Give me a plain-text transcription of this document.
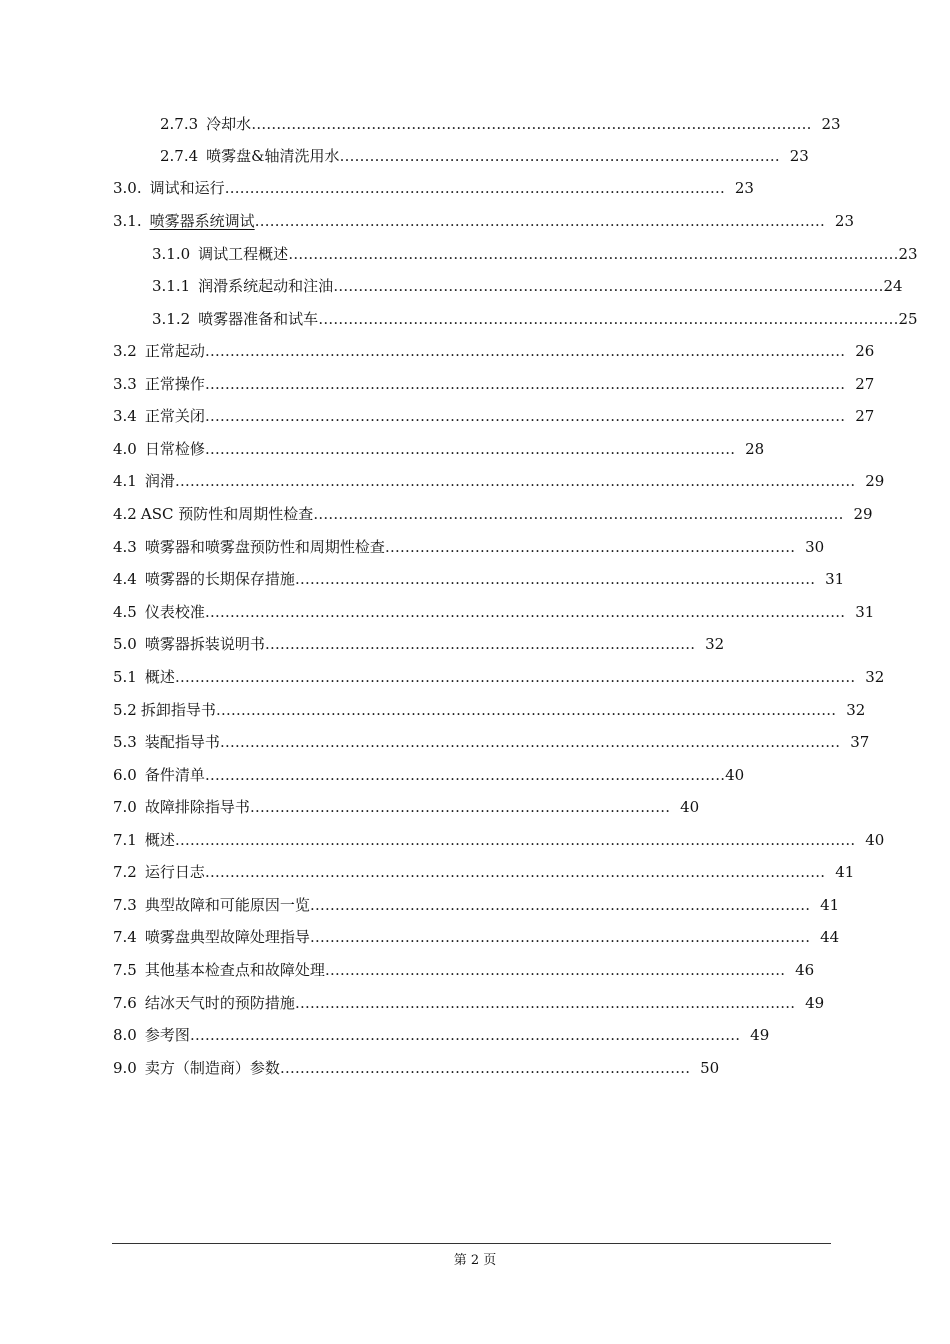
2.7.3 冷却水 ‥‥‥‥‥‥‥‥‥‥‥‥‥‥‥‥‥‥‥‥‥‥‥‥‥‥‥‥‥‥‥‥‥‥‥‥‥‥‥‥‥‥‥‥‥‥‥‥‥‥‥‥‥‥‥‥ 23
2.7.4 喷雾盘&轴清洗用水 ‥‥‥‥‥‥‥‥‥‥‥‥‥‥‥‥‥‥‥‥‥‥‥‥‥‥‥‥‥‥‥‥‥‥‥‥‥‥‥‥‥‥‥‥ 23
3.0. 调试和运行 ‥‥‥‥‥‥‥‥‥‥‥‥‥‥‥‥‥‥‥‥‥‥‥‥‥‥‥‥‥‥‥‥‥‥‥‥‥‥‥‥‥‥‥‥‥‥‥‥‥‥ 23
3.1. 喷雾器系统调试 ‥‥‥‥‥‥‥‥‥‥‥‥‥‥‥‥‥‥‥‥‥‥‥‥‥‥‥‥‥‥‥‥‥‥‥‥‥‥‥‥‥‥‥‥‥‥‥‥‥‥‥‥‥‥‥‥‥ 23
3.1.0 调试工程概述 ‥‥‥‥‥‥‥‥‥‥‥‥‥‥‥‥‥‥‥‥‥‥‥‥‥‥‥‥‥‥‥‥‥‥‥‥‥‥‥‥‥‥‥‥‥‥‥‥‥‥‥‥‥‥‥‥‥‥‥‥‥ 23
3.1.1 润滑系统起动和注油 ‥‥‥‥‥‥‥‥‥‥‥‥‥‥‥‥‥‥‥‥‥‥‥‥‥‥‥‥‥‥‥‥‥‥‥‥‥‥‥‥‥‥‥‥‥‥‥‥‥‥‥‥‥‥‥ 24
3.1.2 喷雾器准备和试车 ‥‥‥‥‥‥‥‥‥‥‥‥‥‥‥‥‥‥‥‥‥‥‥‥‥‥‥‥‥‥‥‥‥‥‥‥‥‥‥‥‥‥‥‥‥‥‥‥‥‥‥‥‥‥‥‥‥‥ 25
3.2 正常起动 ‥‥‥‥‥‥‥‥‥‥‥‥‥‥‥‥‥‥‥‥‥‥‥‥‥‥‥‥‥‥‥‥‥‥‥‥‥‥‥‥‥‥‥‥‥‥‥‥‥‥‥‥‥‥‥‥‥‥‥‥‥‥‥‥ 26
3.3 正常操作 ‥‥‥‥‥‥‥‥‥‥‥‥‥‥‥‥‥‥‥‥‥‥‥‥‥‥‥‥‥‥‥‥‥‥‥‥‥‥‥‥‥‥‥‥‥‥‥‥‥‥‥‥‥‥‥‥‥‥‥‥‥‥‥‥ 27
3.4 正常关闭 ‥‥‥‥‥‥‥‥‥‥‥‥‥‥‥‥‥‥‥‥‥‥‥‥‥‥‥‥‥‥‥‥‥‥‥‥‥‥‥‥‥‥‥‥‥‥‥‥‥‥‥‥‥‥‥‥‥‥‥‥‥‥‥‥ 27
4.0 日常检修 ‥‥‥‥‥‥‥‥‥‥‥‥‥‥‥‥‥‥‥‥‥‥‥‥‥‥‥‥‥‥‥‥‥‥‥‥‥‥‥‥‥‥‥‥‥‥‥‥‥‥‥‥‥ 28
4.1 润滑 ‥‥‥‥‥‥‥‥‥‥‥‥‥‥‥‥‥‥‥‥‥‥‥‥‥‥‥‥‥‥‥‥‥‥‥‥‥‥‥‥‥‥‥‥‥‥‥‥‥‥‥‥‥‥‥‥‥‥‥‥‥‥‥‥‥‥‥‥ 29
4.2 ASC 预防性和周期性检查 ‥‥‥‥‥‥‥‥‥‥‥‥‥‥‥‥‥‥‥‥‥‥‥‥‥‥‥‥‥‥‥‥‥‥‥‥‥‥‥‥‥‥‥‥‥‥‥‥‥‥‥‥‥ 29
4.3 喷雾器和喷雾盘预防性和周期性检查 ‥‥‥‥‥‥‥‥‥‥‥‥‥‥‥‥‥‥‥‥‥‥‥‥‥‥‥‥‥‥‥‥‥‥‥‥‥‥‥‥‥ 30
4.4 喷雾器的长期保存措施 ‥‥‥‥‥‥‥‥‥‥‥‥‥‥‥‥‥‥‥‥‥‥‥‥‥‥‥‥‥‥‥‥‥‥‥‥‥‥‥‥‥‥‥‥‥‥‥‥‥‥‥‥ 31
4.5 仪表校准 ‥‥‥‥‥‥‥‥‥‥‥‥‥‥‥‥‥‥‥‥‥‥‥‥‥‥‥‥‥‥‥‥‥‥‥‥‥‥‥‥‥‥‥‥‥‥‥‥‥‥‥‥‥‥‥‥‥‥‥‥‥‥‥‥ 31
5.0 喷雾器拆装说明书 ‥‥‥‥‥‥‥‥‥‥‥‥‥‥‥‥‥‥‥‥‥‥‥‥‥‥‥‥‥‥‥‥‥‥‥‥‥‥‥‥‥‥‥ 32
5.1 概述 ‥‥‥‥‥‥‥‥‥‥‥‥‥‥‥‥‥‥‥‥‥‥‥‥‥‥‥‥‥‥‥‥‥‥‥‥‥‥‥‥‥‥‥‥‥‥‥‥‥‥‥‥‥‥‥‥‥‥‥‥‥‥‥‥‥‥‥‥ 32
5.2 拆卸指导书 ‥‥‥‥‥‥‥‥‥‥‥‥‥‥‥‥‥‥‥‥‥‥‥‥‥‥‥‥‥‥‥‥‥‥‥‥‥‥‥‥‥‥‥‥‥‥‥‥‥‥‥‥‥‥‥‥‥‥‥‥‥‥ 32
5.3 装配指导书 ‥‥‥‥‥‥‥‥‥‥‥‥‥‥‥‥‥‥‥‥‥‥‥‥‥‥‥‥‥‥‥‥‥‥‥‥‥‥‥‥‥‥‥‥‥‥‥‥‥‥‥‥‥‥‥‥‥‥‥‥‥‥ 37
6.0 备件清单 ‥‥‥‥‥‥‥‥‥‥‥‥‥‥‥‥‥‥‥‥‥‥‥‥‥‥‥‥‥‥‥‥‥‥‥‥‥‥‥‥‥‥‥‥‥‥‥‥‥‥‥‥ 40
7.0 故障排除指导书 ‥‥‥‥‥‥‥‥‥‥‥‥‥‥‥‥‥‥‥‥‥‥‥‥‥‥‥‥‥‥‥‥‥‥‥‥‥‥‥‥‥‥ 40
7.1 概述 ‥‥‥‥‥‥‥‥‥‥‥‥‥‥‥‥‥‥‥‥‥‥‥‥‥‥‥‥‥‥‥‥‥‥‥‥‥‥‥‥‥‥‥‥‥‥‥‥‥‥‥‥‥‥‥‥‥‥‥‥‥‥‥‥‥‥‥‥ 40
7.2 运行日志 ‥‥‥‥‥‥‥‥‥‥‥‥‥‥‥‥‥‥‥‥‥‥‥‥‥‥‥‥‥‥‥‥‥‥‥‥‥‥‥‥‥‥‥‥‥‥‥‥‥‥‥‥‥‥‥‥‥‥‥‥‥‥ 41
7.3 典型故障和可能原因一览 ‥‥‥‥‥‥‥‥‥‥‥‥‥‥‥‥‥‥‥‥‥‥‥‥‥‥‥‥‥‥‥‥‥‥‥‥‥‥‥‥‥‥‥‥‥‥‥‥‥‥ 41
7.4 喷雾盘典型故障处理指导 ‥‥‥‥‥‥‥‥‥‥‥‥‥‥‥‥‥‥‥‥‥‥‥‥‥‥‥‥‥‥‥‥‥‥‥‥‥‥‥‥‥‥‥‥‥‥‥‥‥‥ 44
7.5 其他基本检查点和故障处理 ‥‥‥‥‥‥‥‥‥‥‥‥‥‥‥‥‥‥‥‥‥‥‥‥‥‥‥‥‥‥‥‥‥‥‥‥‥‥‥‥‥‥‥‥‥‥ 46
7.6 结冰天气时的预防措施 ‥‥‥‥‥‥‥‥‥‥‥‥‥‥‥‥‥‥‥‥‥‥‥‥‥‥‥‥‥‥‥‥‥‥‥‥‥‥‥‥‥‥‥‥‥‥‥‥‥‥ 49
8.0 参考图 ‥‥‥‥‥‥‥‥‥‥‥‥‥‥‥‥‥‥‥‥‥‥‥‥‥‥‥‥‥‥‥‥‥‥‥‥‥‥‥‥‥‥‥‥‥‥‥‥‥‥‥‥‥‥‥ 49
9.0 卖方（制造商）参数 ‥‥‥‥‥‥‥‥‥‥‥‥‥‥‥‥‥‥‥‥‥‥‥‥‥‥‥‥‥‥‥‥‥‥‥‥‥‥‥‥‥ 50
第 2 页
